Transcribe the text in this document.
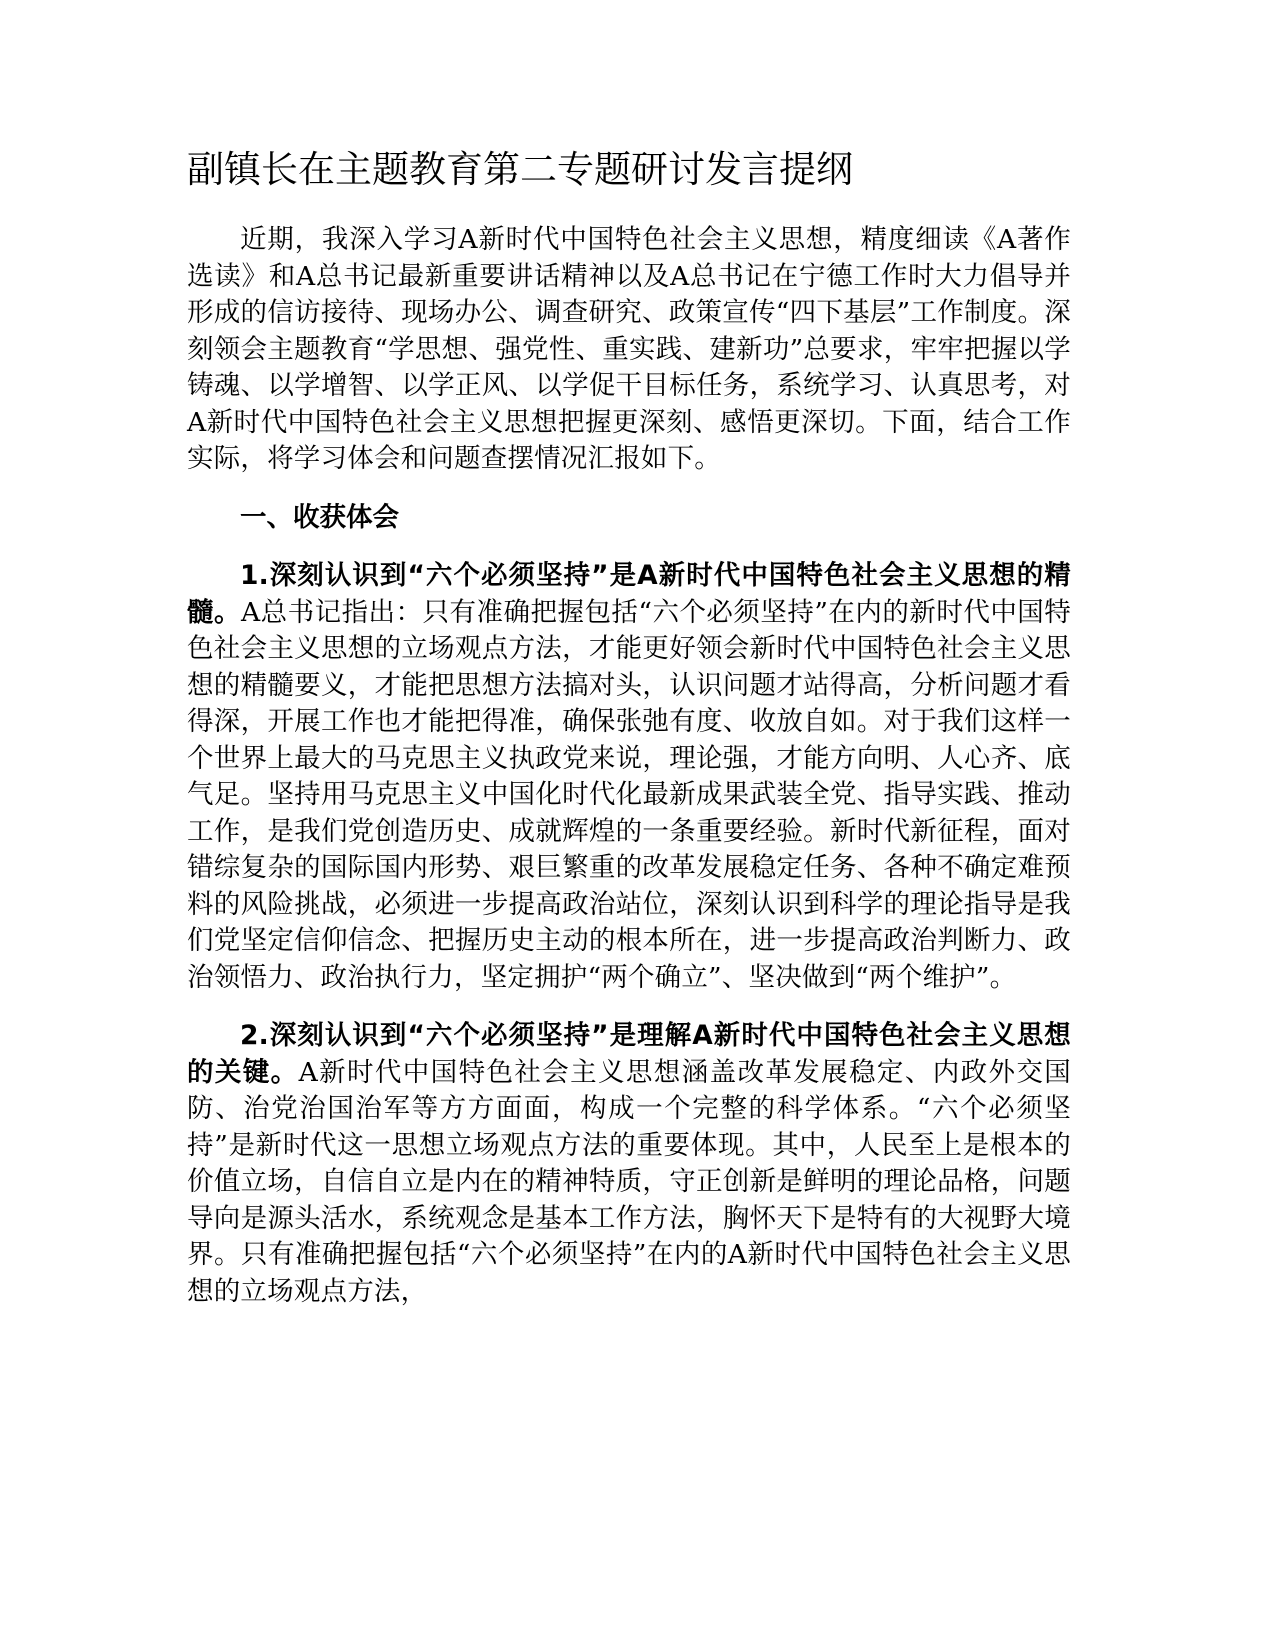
副镇长在主题教育第二专题研讨发言提纲

近期，我深入学习A新时代中国特色社会主义思想，精度细读《A著作选读》和A总书记最新重要讲话精神以及A总书记在宁德工作时大力倡导并形成的信访接待、现场办公、调查研究、政策宣传“四下基层”工作制度。深刻领会主题教育“学思想、强党性、重实践、建新功”总要求，牢牢把握以学铸魂、以学增智、以学正风、以学促干目标任务，系统学习、认真思考，对A新时代中国特色社会主义思想把握更深刻、感悟更深切。下面，结合工作实际，将学习体会和问题查摆情况汇报如下。

一、收获体会

1.深刻认识到“六个必须坚持”是A新时代中国特色社会主义思想的精髓。A总书记指出：只有准确把握包括“六个必须坚持”在内的新时代中国特色社会主义思想的立场观点方法，才能更好领会新时代中国特色社会主义思想的精髓要义，才能把思想方法搞对头，认识问题才站得高，分析问题才看得深，开展工作也才能把得准，确保张弛有度、收放自如。对于我们这样一个世界上最大的马克思主义执政党来说，理论强，才能方向明、人心齐、底气足。坚持用马克思主义中国化时代化最新成果武装全党、指导实践、推动工作，是我们党创造历史、成就辉煌的一条重要经验。新时代新征程，面对错综复杂的国际国内形势、艰巨繁重的改革发展稳定任务、各种不确定难预料的风险挑战，必须进一步提高政治站位，深刻认识到科学的理论指导是我们党坚定信仰信念、把握历史主动的根本所在，进一步提高政治判断力、政治领悟力、政治执行力，坚定拥护“两个确立”、坚决做到“两个维护”。

2.深刻认识到“六个必须坚持”是理解A新时代中国特色社会主义思想的关键。A新时代中国特色社会主义思想涵盖改革发展稳定、内政外交国防、治党治国治军等方方面面，构成一个完整的科学体系。“六个必须坚持”是新时代这一思想立场观点方法的重要体现。其中，人民至上是根本的价值立场，自信自立是内在的精神特质，守正创新是鲜明的理论品格，问题导向是源头活水，系统观念是基本工作方法，胸怀天下是特有的大视野大境界。只有准确把握包括“六个必须坚持”在内的A新时代中国特色社会主义思想的立场观点方法，
